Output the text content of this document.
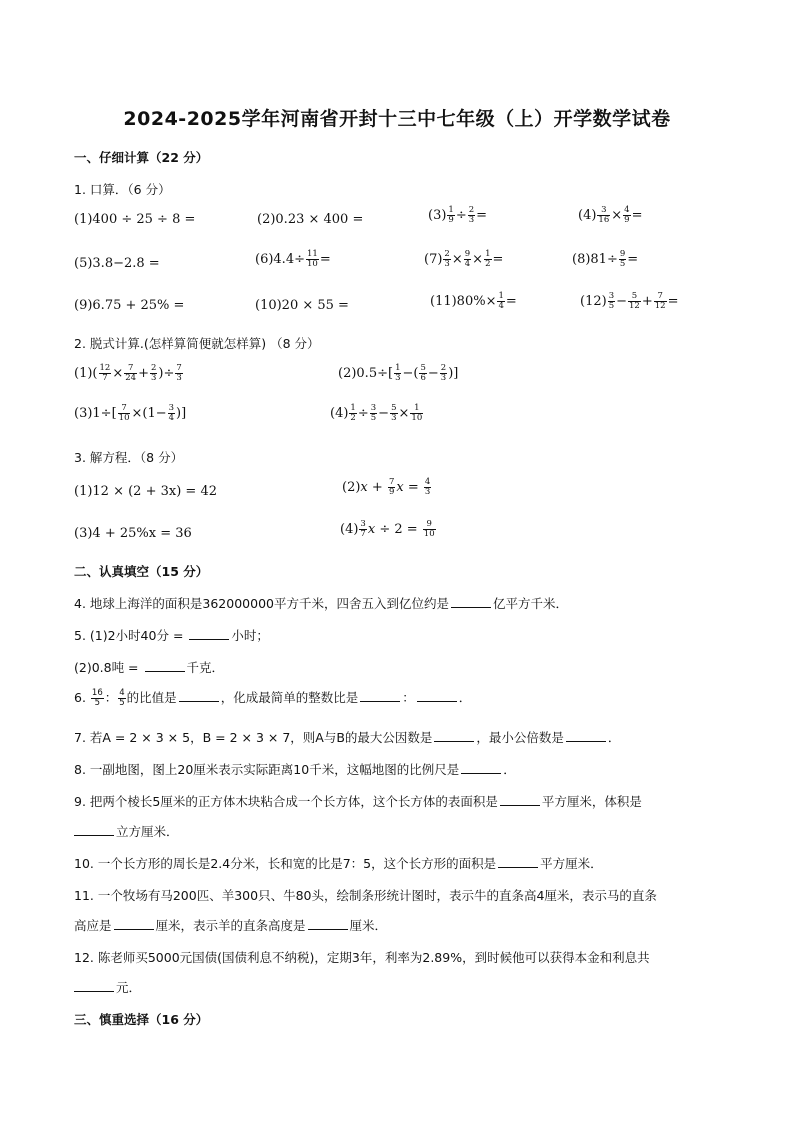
2024-2025学年河南省开封十三中七年级（上）开学数学试卷
一、仔细计算（22 分）
1. 口算．（6 分）
(1)400 ÷ 25 ÷ 8 =	(2)0.23 × 400 =	$(3) \frac{1}{9} \div \frac{2}{3}$ =	$(4) \frac{3}{16} \times \frac{4}{9}$ =
(5)3.8−2.8 =	$(6)4.4\div \frac{11}{10}$ =	$(7) \frac{2}{3} \times \frac{9}{4} \times \frac{1}{2}$ =	$(8)81\div \frac{9}{5}$ =
(9)6.75 + 25% =	(10)20 × 55 =	$(11)80\%\times \frac{1}{4}$ =	$(12) \frac{3}{5} - \frac{5}{12} + \frac{7}{12}$ =
2. 脱式计算.(怎样算简便就怎样算) （8 分）
$(1)( \frac{12}{7} \times \frac{7}{24} + \frac{2}{3}$ )÷ $\frac{7}{3}$	$(2)0.5\div[ \frac{1}{3}$ −( $\frac{5}{6} - \frac{2}{3}$ )]
$(3)1\div[ \frac{7}{10} \times(1- \frac{3}{4}$ )]	$(4) \frac{1}{2} \div \frac{3}{5} - \frac{5}{3} \times \frac{1}{10}$
3. 解方程．（8 分）
(1)12 × (2 + 3x) = 42	$(2)x + \frac{7}{9}$ $x = \frac{4}{3}$
(3)4 + 25%x = 36	$(4) \frac{3}{7}$ $x \div 2 = \frac{9}{10}$
二、认真填空（15 分）
4. 地球上海洋的面积是362000000平方千米，四舍五入到亿位约是	亿平方千米．
5. (1)2小时40分 =	小时；
(2)0.8吨 =	千克．
6. $\frac{16}{5}$ ： $\frac{4}{5}$ 的比值是	，化成最简单的整数比是	：	．
7. 若A = 2 × 3 × 5，B = 2 × 3 × 7，则A与B的最大公因数是	，最小公倍数是	．
8. 一副地图，图上20厘米表示实际距离10千米，这幅地图的比例尺是	．
9. 把两个棱长5厘米的正方体木块粘合成一个长方体，这个长方体的表面积是	平方厘米，体积是
立方厘米．
10. 一个长方形的周长是2.4分米，长和宽的比是7：5，这个长方形的面积是	平方厘米．
11. 一个牧场有马200匹、羊300只、牛80头，绘制条形统计图时，表示牛的直条高4厘米，表示马的直条
高应是	厘米，表示羊的直条高度是	厘米．
12. 陈老师买5000元国债(国债利息不纳税)，定期3年，利率为2.89%，到时候他可以获得本金和利息共
元．
三、慎重选择（16 分）
